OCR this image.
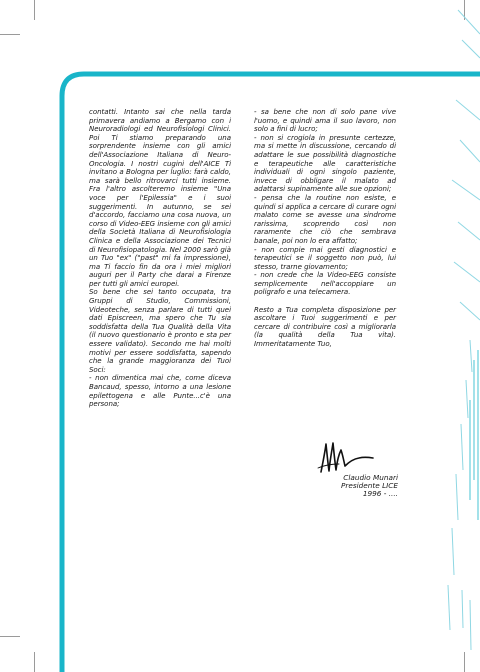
contatti. Intanto sai che nella tarda primavera andiamo a Bergamo con i Neuroradiologi ed Neurofisiologi Clinici. Poi Ti stiamo preparando una sorprendente insieme con gli amici dell'Associazione Italiana di Neuro-Oncologia. I nostri cugini dell'AICE Ti invitano a Bologna per luglio: farà caldo, ma sarà bello ritrovarci tutti insieme. Fra l'altro ascolteremo insieme "Una voce per l'Epilessia" e i suoi suggerimenti. In autunno, se sei d'accordo, facciamo una cosa nuova, un corso di Video-EEG insieme con gli amici della Società Italiana di Neurofisiologia Clinica e della Associazione dei Tecnici di Neurofisiopatologia. Nel 2000 sarò già un Tuo "ex" ("past" mi fa impressione), ma Ti faccio fin da ora i miei migliori auguri per il Party che darai a Firenze per tutti gli amici europei.

So bene che sei tanto occupata, tra Gruppi di Studio, Commissioni, Videoteche, senza parlare di tutti quei dati Episcreen, ma spero che Tu sia soddisfatta della Tua Qualità della Vita (il nuovo questionario è pronto e sta per essere validato). Secondo me hai molti motivi per essere soddisfatta, sapendo che la grande maggioranza dei Tuoi Soci:

- non dimentica mai che, come diceva Bancaud, spesso, intorno a una lesione epilettogena e alle Punte...c'è una persona;

- sa bene che non di solo pane vive l'uomo, e quindi ama il suo lavoro, non solo a fini di lucro;

- non si crogiola in presunte certezze, ma si mette in discussione, cercando di adattare le sue possibilità diagnostiche e terapeutiche alle caratteristiche individuali di ogni singolo paziente, invece di obbligare il malato ad adattarsi supinamente alle sue opzioni;

- pensa che la routine non esiste, e quindi si applica a cercare di curare ogni malato come se avesse una sindrome rarissima, scoprendo così non raramente che ciò che sembrava banale, poi non lo era affatto;

- non compie mai gesti diagnostici e terapeutici se il soggetto non può, lui stesso, trarne giovamento;

- non crede che la Video-EEG consiste semplicemente nell'accoppiare un poligrafo e una telecamera.

Resto a Tua completa disposizione per ascoltare i Tuoi suggerimenti e per cercare di contribuire così a migliorarla (la qualità della Tua vita). Immeritatamente Tuo,

Claudio Munari
Presidente LICE
1996 - ....
